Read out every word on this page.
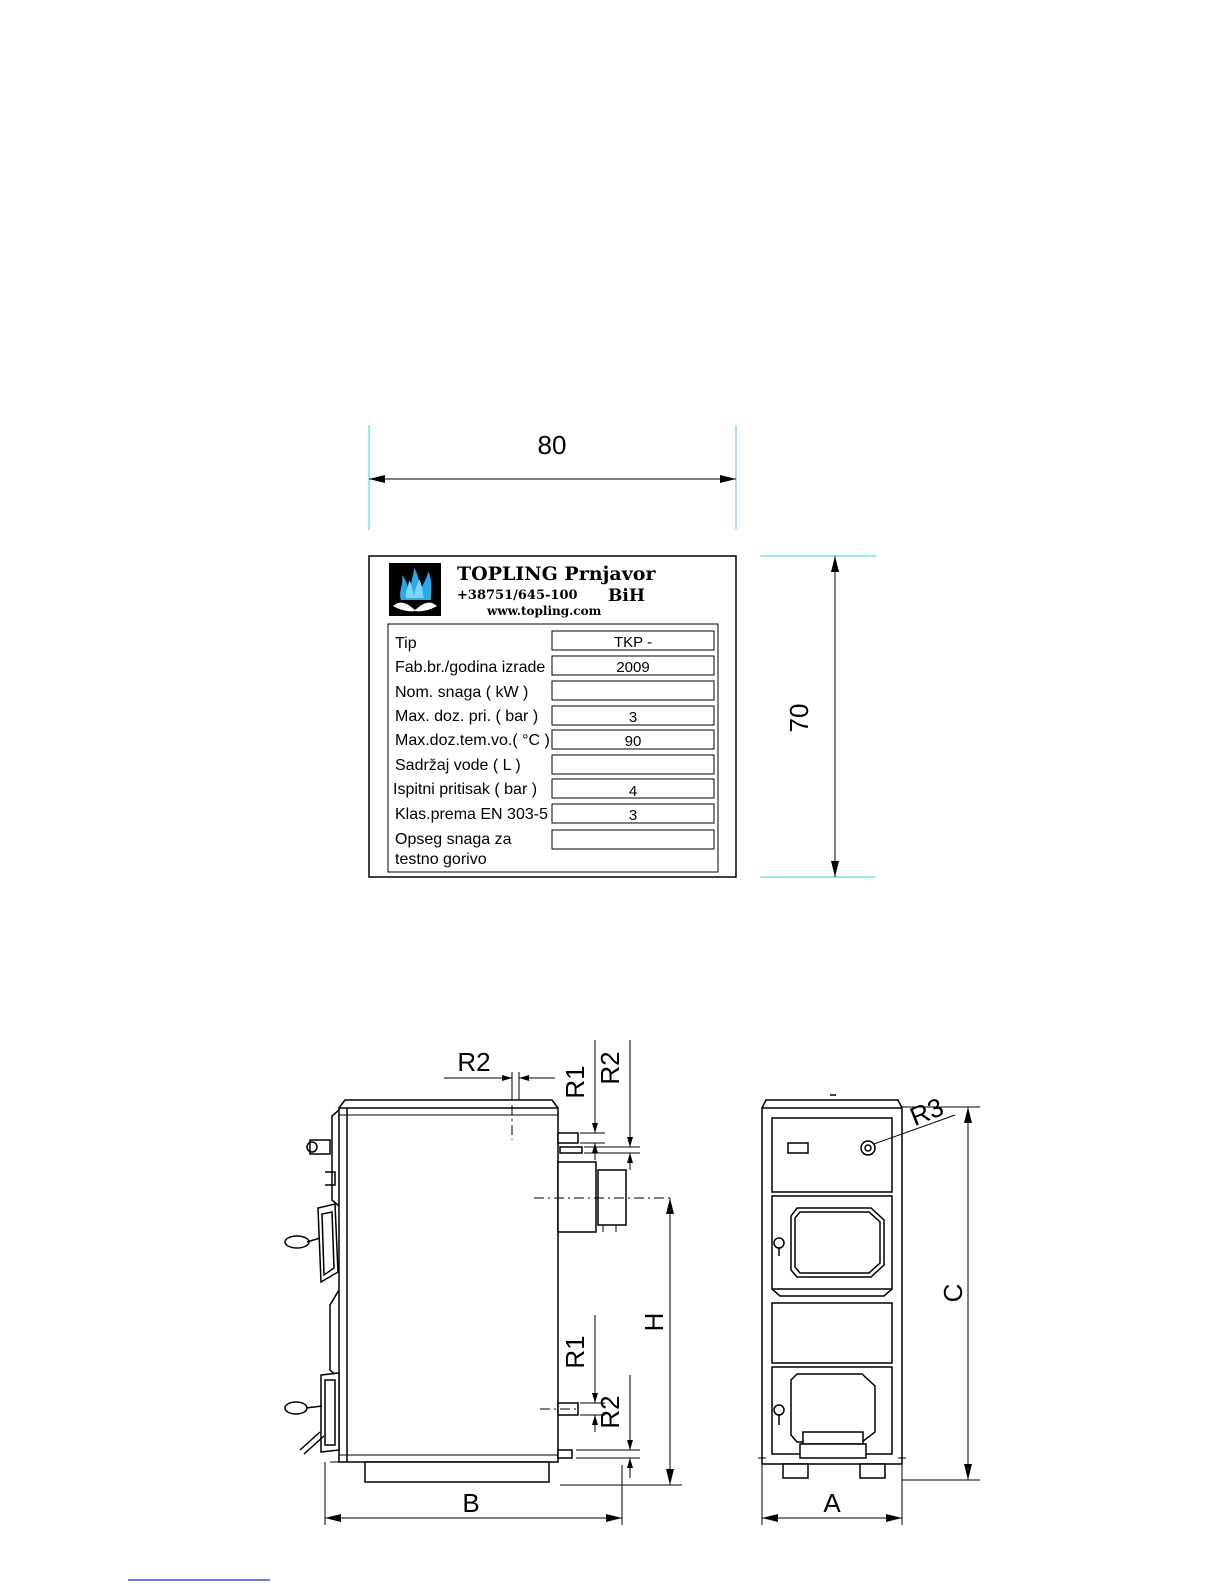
80
70
TOPLING Prnjavor
+38751/645-100 BiH
www.topling.com
Tip	TKP -
Fab.br./godina izrade	2009
Nom. snaga ( kW )
Max. doz. pri. ( bar )	3
Max.doz.tem.vo.( °C )	90
Sadržaj vode ( L )
Ispitni pritisak ( bar )	4
Klas.prema EN 303-5	3
Opseg snaga za
testno gorivo
R2
R1 R2
R1
R2
H
B
R3
C
A
